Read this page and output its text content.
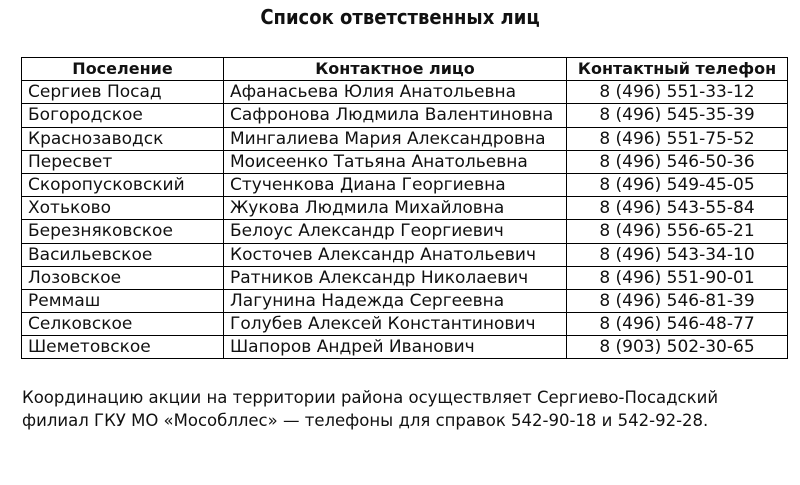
Список ответственных лиц
Поселение	Контактное лицо	Контактный телефон
Сергиев Посад	Афанасьева Юлия Анатольевна	8 (496) 551-33-12
Богородское	Сафронова Людмила Валентиновна	8 (496) 545-35-39
Краснозаводск	Мингалиева Мария Александровна	8 (496) 551-75-52
Пересвет	Моисеенко Татьяна Анатольевна	8 (496) 546-50-36
Скоропусковский	Стученкова Диана Георгиевна	8 (496) 549-45-05
Хотьково	Жукова Людмила Михайловна	8 (496) 543-55-84
Березняковское	Белоус Александр Георгиевич	8 (496) 556-65-21
Васильевское	Косточев Александр Анатольевич	8 (496) 543-34-10
Лозовское	Ратников Александр Николаевич	8 (496) 551-90-01
Реммаш	Лагунина Надежда Сергеевна	8 (496) 546-81-39
Селковское	Голубев Алексей Константинович	8 (496) 546-48-77
Шеметовское	Шапоров Андрей Иванович	8 (903) 502-30-65
Координацию акции на территории района осуществляет Сергиево-Посадский
филиал ГКУ МО «Мособллес» — телефоны для справок 542-90-18 и 542-92-28.
